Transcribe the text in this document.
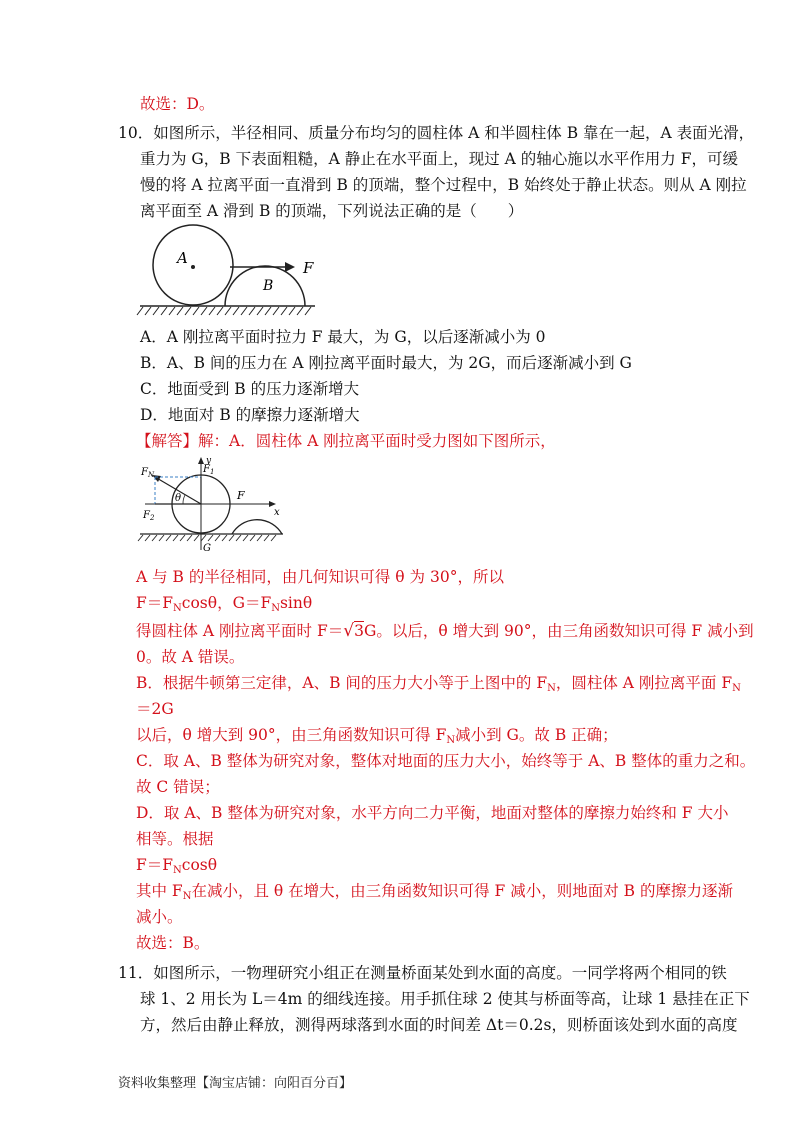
故选：D。
10．如图所示，半径相同、质量分布均匀的圆柱体 A 和半圆柱体 B 靠在一起，A 表面光滑，
重力为 G，B 下表面粗糙，A 静止在水平面上，现过 A 的轴心施以水平作用力 F，可缓
慢的将 A 拉离平面一直滑到 B 的顶端，整个过程中，B 始终处于静止状态。则从 A 刚拉
离平面至 A 滑到 B 的顶端，下列说法正确的是（　　）
A
B
F
A．A 刚拉离平面时拉力 F 最大，为 G，以后逐渐减小为 0
B．A、B 间的压力在 A 刚拉离平面时最大，为 2G，而后逐渐减小到 G
C．地面受到 B 的压力逐渐增大
D．地面对 B 的摩擦力逐渐增大
【解答】解：A．圆柱体 A 刚拉离平面时受力图如下图所示，
$F_N$	$F_1$
$F_2$
θ	F
G
y
x
A 与 B 的半径相同，由几何知识可得 θ 为 30°，所以
$F=F_N\cos\theta$，$G=F_N\sin\theta$
得圆柱体 A 刚拉离平面时 F＝√3G。以后，θ 增大到 90°，由三角函数知识可得 F 减小到
0。故 A 错误。
B．根据牛顿第三定律，A、B 间的压力大小等于上图中的 $F_N$，圆柱体 A 刚拉离平面 $F_N$
＝2G
以后，θ 增大到 90°，由三角函数知识可得 $F_N$减小到 G。故 B 正确；
C．取 A、B 整体为研究对象，整体对地面的压力大小，始终等于 A、B 整体的重力之和。
故 C 错误；
D．取 A、B 整体为研究对象，水平方向二力平衡，地面对整体的摩擦力始终和 F 大小
相等。根据
$F=F_N\cos\theta$
其中 $F_N$在减小，且 θ 在增大，由三角函数知识可得 F 减小，则地面对 B 的摩擦力逐渐
减小。
故选：B。
11．如图所示，一物理研究小组正在测量桥面某处到水面的高度。一同学将两个相同的铁
球 1、2 用长为 L＝4m 的细线连接。用手抓住球 2 使其与桥面等高，让球 1 悬挂在正下
方，然后由静止释放，测得两球落到水面的时间差 Δt＝0.2s，则桥面该处到水面的高度
资料收集整理【淘宝店铺：向阳百分百】
